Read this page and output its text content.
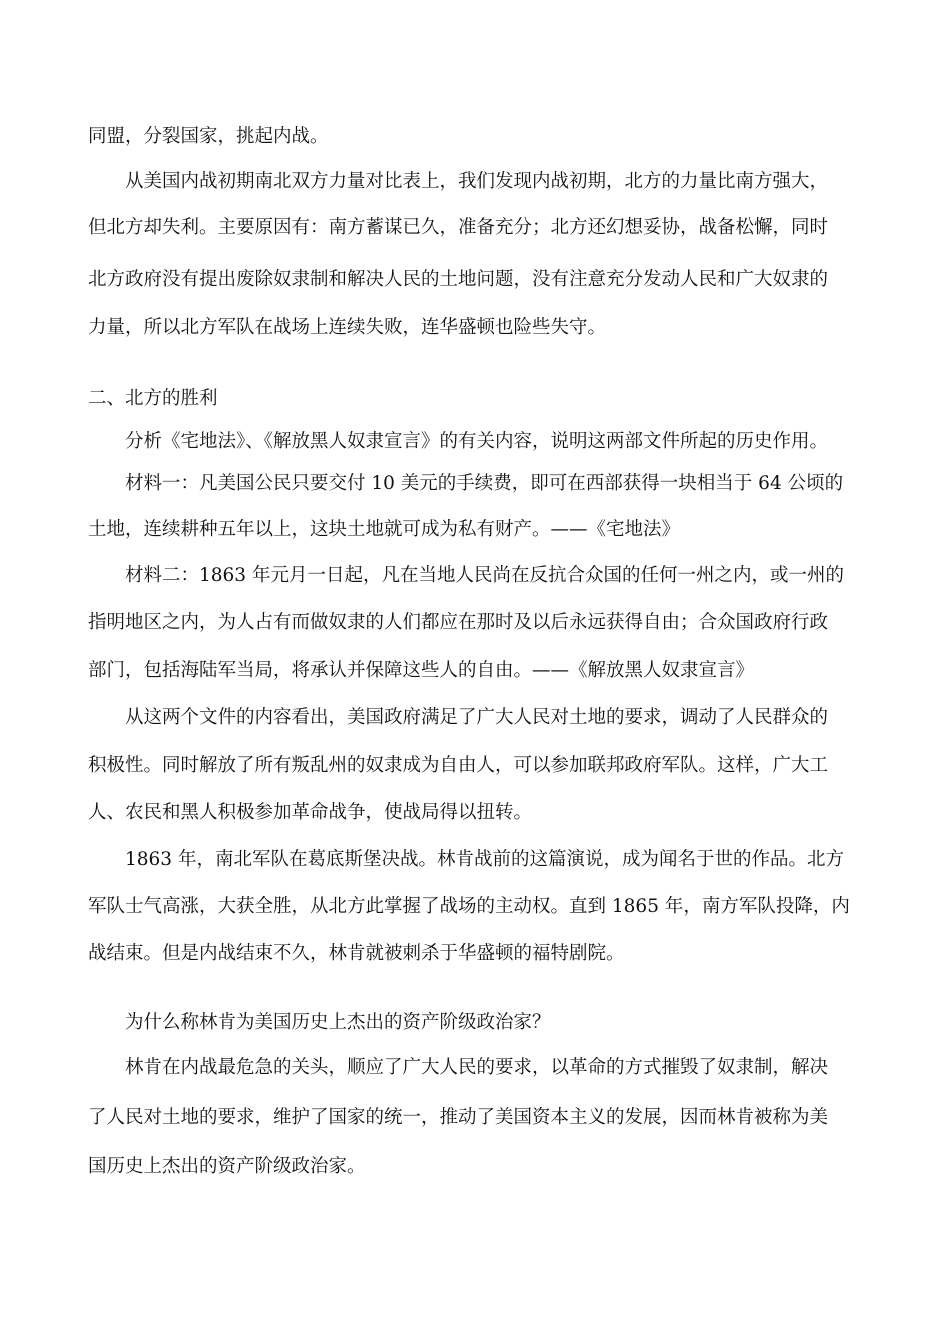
同盟，分裂国家，挑起内战。
从美国内战初期南北双方力量对比表上，我们发现内战初期，北方的力量比南方强大，
但北方却失利。主要原因有：南方蓄谋已久，准备充分；北方还幻想妥协，战备松懈，同时
北方政府没有提出废除奴隶制和解决人民的土地问题，没有注意充分发动人民和广大奴隶的
力量，所以北方军队在战场上连续失败，连华盛顿也险些失守。
二、北方的胜利
分析《宅地法》、《解放黑人奴隶宣言》的有关内容，说明这两部文件所起的历史作用。
材料一：凡美国公民只要交付 10 美元的手续费，即可在西部获得一块相当于 64 公顷的
土地，连续耕种五年以上，这块土地就可成为私有财产。——《宅地法》
材料二：1863 年元月一日起，凡在当地人民尚在反抗合众国的任何一州之内，或一州的
指明地区之内，为人占有而做奴隶的人们都应在那时及以后永远获得自由；合众国政府行政
部门，包括海陆军当局，将承认并保障这些人的自由。——《解放黑人奴隶宣言》
从这两个文件的内容看出，美国政府满足了广大人民对土地的要求，调动了人民群众的
积极性。同时解放了所有叛乱州的奴隶成为自由人，可以参加联邦政府军队。这样，广大工
人、农民和黑人积极参加革命战争，使战局得以扭转。
1863 年，南北军队在葛底斯堡决战。林肯战前的这篇演说，成为闻名于世的作品。北方
军队士气高涨，大获全胜，从北方此掌握了战场的主动权。直到 1865 年，南方军队投降，内
战结束。但是内战结束不久，林肯就被刺杀于华盛顿的福特剧院。
为什么称林肯为美国历史上杰出的资产阶级政治家？
林肯在内战最危急的关头，顺应了广大人民的要求，以革命的方式摧毁了奴隶制，解决
了人民对土地的要求，维护了国家的统一，推动了美国资本主义的发展，因而林肯被称为美
国历史上杰出的资产阶级政治家。
